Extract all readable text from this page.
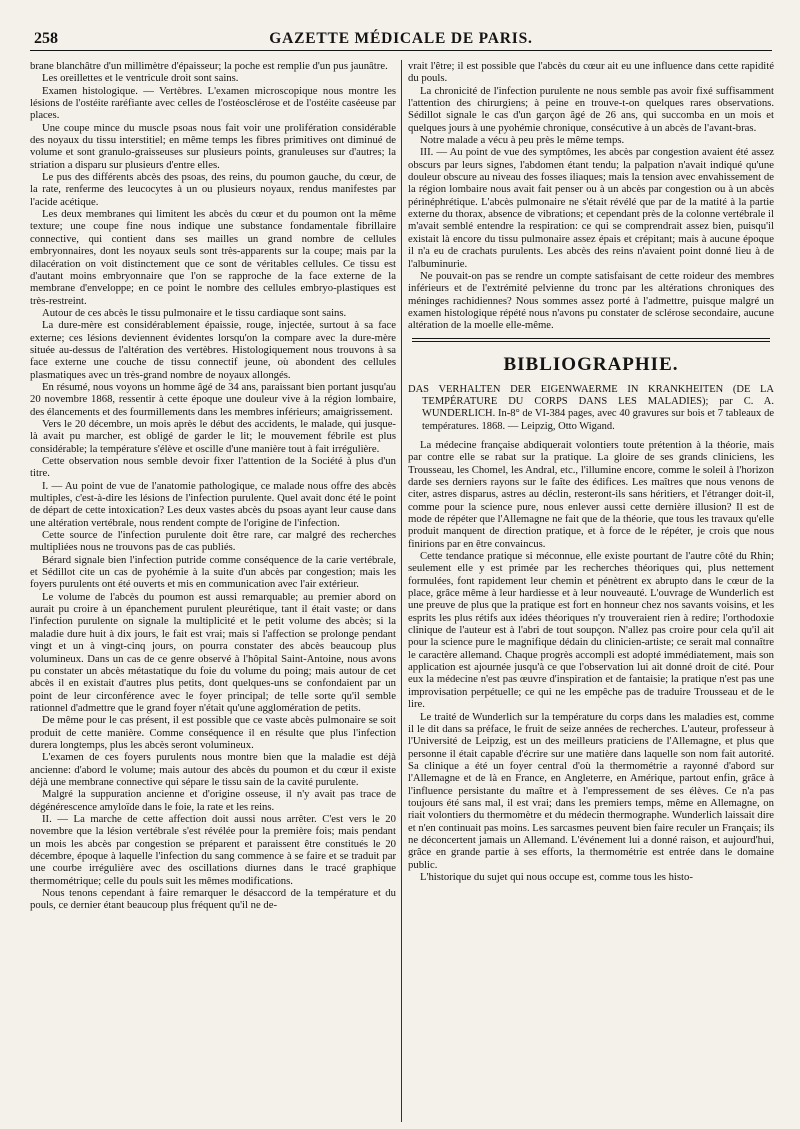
258	GAZETTE MÉDICALE DE PARIS.

brane blanchâtre d'un millimètre d'épaisseur; la poche est remplie d'un pus jaunâtre.

Les oreillettes et le ventricule droit sont sains.

Examen histologique. — Vertèbres. L'examen microscopique nous montre les lésions de l'ostéite raréfiante avec celles de l'ostéosclérose et de l'ostéite caséeuse par places.

Une coupe mince du muscle psoas nous fait voir une prolifération considérable des noyaux du tissu interstitiel; en même temps les fibres primitives ont diminué de volume et sont granulo-graisseuses sur plusieurs points, granuleuses sur d'autres; la striation a disparu sur plusieurs d'entre elles.

Le pus des différents abcès des psoas, des reins, du poumon gauche, du cœur, de la rate, renferme des leucocytes à un ou plusieurs noyaux, rendus manifestes par l'acide acétique.

Les deux membranes qui limitent les abcès du cœur et du poumon ont la même texture; une coupe fine nous indique une substance fondamentale fibrillaire connective, qui contient dans ses mailles un grand nombre de cellules embryonnaires, dont les noyaux seuls sont très-apparents sur la coupe; mais par la dilacération on voit distinctement que ce sont de véritables cellules. Ce tissu est d'autant moins embryonnaire que l'on se rapproche de la face externe de la membrane d'enveloppe; en ce point le nombre des cellules embryo-plastiques est très-restreint.

Autour de ces abcès le tissu pulmonaire et le tissu cardiaque sont sains.

La dure-mère est considérablement épaissie, rouge, injectée, surtout à sa face externe; ces lésions deviennent évidentes lorsqu'on la compare avec la dure-mère située au-dessus de l'altération des vertèbres. Histologiquement nous trouvons à sa face externe une couche de tissu connectif jeune, où abondent des cellules plasmatiques avec un très-grand nombre de noyaux allongés.

En résumé, nous voyons un homme âgé de 34 ans, paraissant bien portant jusqu'au 20 novembre 1868, ressentir à cette époque une douleur vive à la région lombaire, des élancements et des fourmillements dans les membres inférieurs; amaigrissement.

Vers le 20 décembre, un mois après le début des accidents, le malade, qui jusque-là avait pu marcher, est obligé de garder le lit; le mouvement fébrile est plus considérable; la température s'élève et oscille d'une manière tout à fait irrégulière.

Cette observation nous semble devoir fixer l'attention de la Société à plus d'un titre.

I. — Au point de vue de l'anatomie pathologique, ce malade nous offre des abcès multiples, c'est-à-dire les lésions de l'infection purulente. Quel avait donc été le point de départ de cette intoxication? Les deux vastes abcès du psoas ayant leur cause dans une altération vertébrale, nous rendent compte de l'origine de l'infection.

Cette source de l'infection purulente doit être rare, car malgré des recherches multipliées nous ne trouvons pas de cas publiés.

Bérard signale bien l'infection putride comme conséquence de la carie vertébrale, et Sédillot cite un cas de pyohémie à la suite d'un abcès par congestion; mais les foyers purulents ont été ouverts et mis en communication avec l'air extérieur.

Le volume de l'abcès du poumon est aussi remarquable; au premier abord on aurait pu croire à un épanchement purulent pleurétique, tant il était vaste; or dans l'infection purulente on signale la multiplicité et le petit volume des abcès; si la maladie dure huit à dix jours, le fait est vrai; mais si l'affection se prolonge pendant vingt et un à vingt-cinq jours, on pourra constater des abcès beaucoup plus volumineux. Dans un cas de ce genre observé à l'hôpital Saint-Antoine, nous avons pu constater un abcès métastatique du foie du volume du poing; mais autour de cet abcès il en existait d'autres plus petits, dont quelques-uns se confondaient par un point de leur circonférence avec le foyer principal; de telle sorte qu'il semble rationnel d'admettre que le grand foyer n'était qu'une agglomération de petits.

De même pour le cas présent, il est possible que ce vaste abcès pulmonaire se soit produit de cette manière. Comme conséquence il en résulte que plus l'infection durera longtemps, plus les abcès seront volumineux.

L'examen de ces foyers purulents nous montre bien que la maladie est déjà ancienne: d'abord le volume; mais autour des abcès du poumon et du cœur il existe déjà une membrane connective qui sépare le tissu sain de la cavité purulente.

Malgré la suppuration ancienne et d'origine osseuse, il n'y avait pas trace de dégénérescence amyloïde dans le foie, la rate et les reins.

II. — La marche de cette affection doit aussi nous arrêter. C'est vers le 20 novembre que la lésion vertébrale s'est révélée pour la première fois; mais pendant un mois les abcès par congestion se préparent et paraissent être constitués le 20 décembre, époque à laquelle l'infection du sang commence à se faire et se traduit par une courbe irrégulière avec des oscillations diurnes dans le tracé graphique thermométrique; celle du pouls suit les mêmes modifications.

Nous tenons cependant à faire remarquer le désaccord de la température et du pouls, ce dernier étant beaucoup plus fréquent qu'il ne de-

vrait l'être; il est possible que l'abcès du cœur ait eu une influence dans cette rapidité du pouls.

La chronicité de l'infection purulente ne nous semble pas avoir fixé suffisamment l'attention des chirurgiens; à peine en trouve-t-on quelques rares observations. Sédillot signale le cas d'un garçon âgé de 26 ans, qui succomba en un mois et quelques jours à une pyohémie chronique, consécutive à un abcès de l'avant-bras.

Notre malade a vécu à peu près le même temps.

III. — Au point de vue des symptômes, les abcès par congestion avaient été assez obscurs par leurs signes, l'abdomen étant tendu; la palpation n'avait indiqué qu'une douleur obscure au niveau des fosses iliaques; mais la tension avec envahissement de la région lombaire nous avait fait penser ou à un abcès par congestion ou à un abcès périnéphrétique. L'abcès pulmonaire ne s'était révélé que par de la matité à la partie externe du thorax, absence de vibrations; et cependant près de la colonne vertébrale il m'avait semblé entendre la respiration: ce qui se comprendrait assez bien, puisqu'il existait là encore du tissu pulmonaire assez épais et crépitant; mais à aucune époque il n'a eu de crachats purulents. Les abcès des reins n'avaient point donné lieu à de l'albuminurie.

Ne pouvait-on pas se rendre un compte satisfaisant de cette roideur des membres inférieurs et de l'extrémité pelvienne du tronc par les altérations chroniques des méninges rachidiennes? Nous sommes assez porté à l'admettre, puisque malgré un examen histologique répété nous n'avons pu constater de sclérose secondaire, aucune altération de la moelle elle-même.

BIBLIOGRAPHIE.

DAS VERHALTEN DER EIGENWAERME IN KRANKHEITEN (DE LA TEMPÉRATURE DU CORPS DANS LES MALADIES); par C. A. WUNDERLICH. In-8° de VI-384 pages, avec 40 gravures sur bois et 7 tableaux de températures. 1868. — Leipzig, Otto Wigand.

La médecine française abdiquerait volontiers toute prétention à la théorie, mais par contre elle se rabat sur la pratique. La gloire de ses grands cliniciens, les Trousseau, les Chomel, les Andral, etc., l'illumine encore, comme le soleil à l'horizon darde ses derniers rayons sur le faîte des édifices. Les maîtres que nous venons de citer, astres disparus, astres au déclin, resteront-ils sans héritiers, et l'étranger doit-il, comme pour la science pure, nous enlever aussi cette dernière illusion? Il est de mode de répéter que l'Allemagne ne fait que de la théorie, que tous les travaux qu'elle produit manquent de direction pratique, et à force de le répéter, je crois que nous finirions par en être convaincus.

Cette tendance pratique si méconnue, elle existe pourtant de l'autre côté du Rhin; seulement elle y est primée par les recherches théoriques qui, plus nettement formulées, font rapidement leur chemin et pénètrent ex abrupto dans le cœur de la place, grâce même à leur hardiesse et à leur nouveauté. L'ouvrage de Wunderlich est une preuve de plus que la pratique est fort en honneur chez nos savants voisins, et les esprits les plus rétifs aux idées théoriques n'y trouveraient rien à redire; l'orthodoxie clinique de l'auteur est à l'abri de tout soupçon. N'allez pas croire pour cela qu'il ait pour la science pure le magnifique dédain du clinicien-artiste; ce serait mal connaître le caractère allemand. Chaque progrès accompli est adopté immédiatement, mais son application est ajournée jusqu'à ce que l'observation lui ait donné droit de cité. Pour eux la médecine n'est pas œuvre d'inspiration et de fantaisie; la pratique n'est pas une improvisation perpétuelle; ce qui ne les empêche pas de traduire Trousseau et de le lire.

Le traité de Wunderlich sur la température du corps dans les maladies est, comme il le dit dans sa préface, le fruit de seize années de recherches. L'auteur, professeur à l'Université de Leipzig, est un des meilleurs praticiens de l'Allemagne, et plus que personne il était capable d'écrire sur une matière dans laquelle son nom fait autorité. Sa clinique a été un foyer central d'où la thermométrie a rayonné d'abord sur l'Allemagne et de là en France, en Angleterre, en Amérique, partout enfin, grâce à l'influence persistante du maître et à l'empressement de ses élèves. Ce n'a pas toujours été sans mal, il est vrai; dans les premiers temps, même en Allemagne, on riait volontiers du thermomètre et du médecin thermographe. Wunderlich laissait dire et n'en continuait pas moins. Les sarcasmes peuvent bien faire reculer un Français; ils ne déconcertent jamais un Allemand. L'événement lui a donné raison, et aujourd'hui, grâce en grande partie à ses efforts, la thermométrie est entrée dans le domaine public.

L'historique du sujet qui nous occupe est, comme tous les histo-
